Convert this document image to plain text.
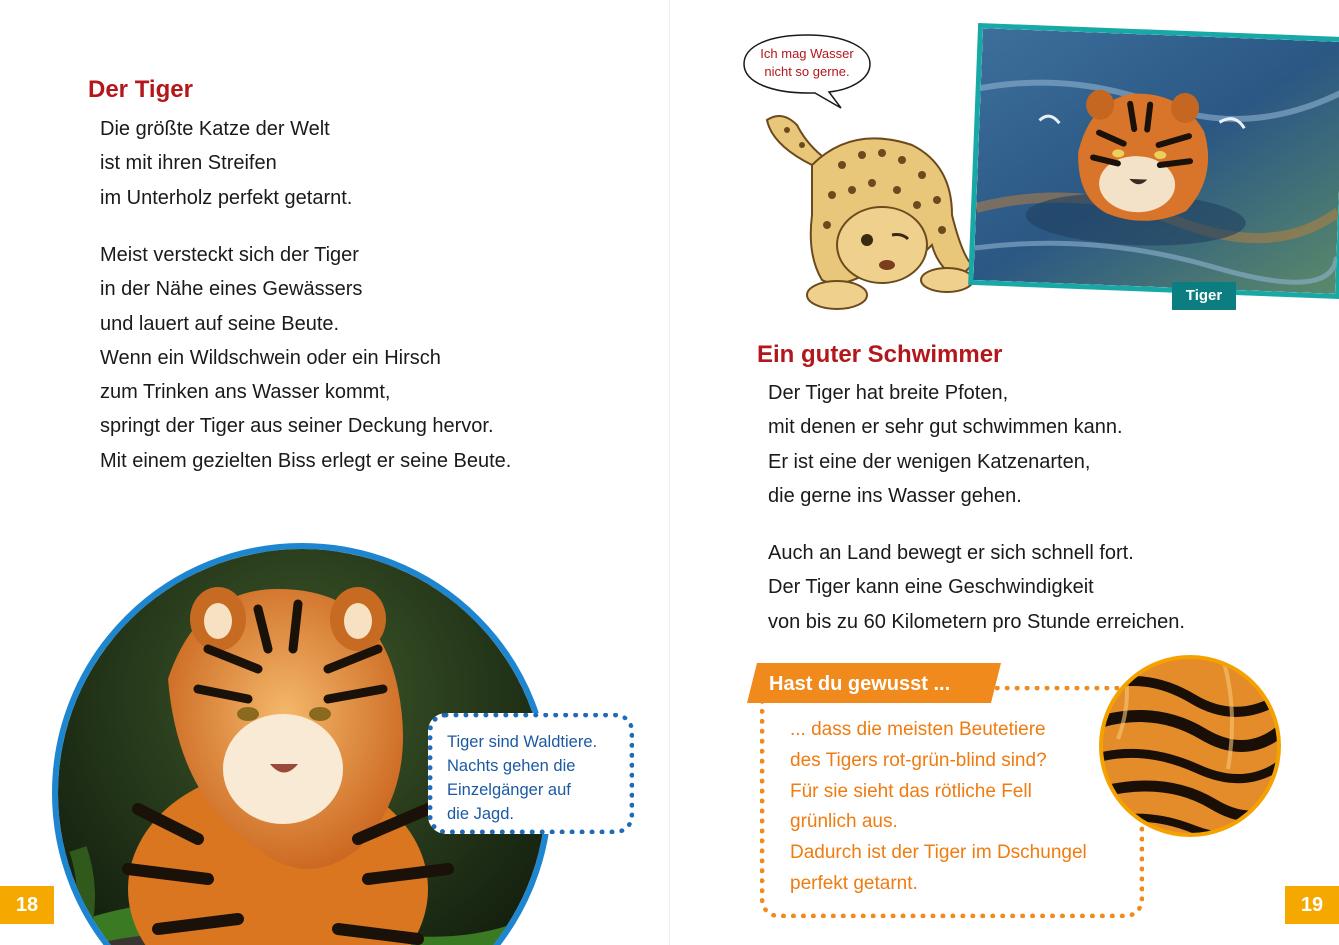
Der Tiger
Die größte Katze der Welt
ist mit ihren Streifen
im Unterholz perfekt getarnt.
Meist versteckt sich der Tiger
in der Nähe eines Gewässers
und lauert auf seine Beute.
Wenn ein Wildschwein oder ein Hirsch
zum Trinken ans Wasser kommt,
springt der Tiger aus seiner Deckung hervor.
Mit einem gezielten Biss erlegt er seine Beute.
Tiger sind Waldtiere.
Nachts gehen die
Einzelgänger auf
die Jagd.
18
Ich mag Wasser
nicht so gerne.
Tiger
Ein guter Schwimmer
Der Tiger hat breite Pfoten,
mit denen er sehr gut schwimmen kann.
Er ist eine der wenigen Katzenarten,
die gerne ins Wasser gehen.
Auch an Land bewegt er sich schnell fort.
Der Tiger kann eine Geschwindigkeit
von bis zu 60 Kilometern pro Stunde erreichen.
Hast du gewusst ...
... dass die meisten Beutetiere
des Tigers rot-grün-blind sind?
Für sie sieht das rötliche Fell
grünlich aus.
Dadurch ist der Tiger im Dschungel
perfekt getarnt.
19
